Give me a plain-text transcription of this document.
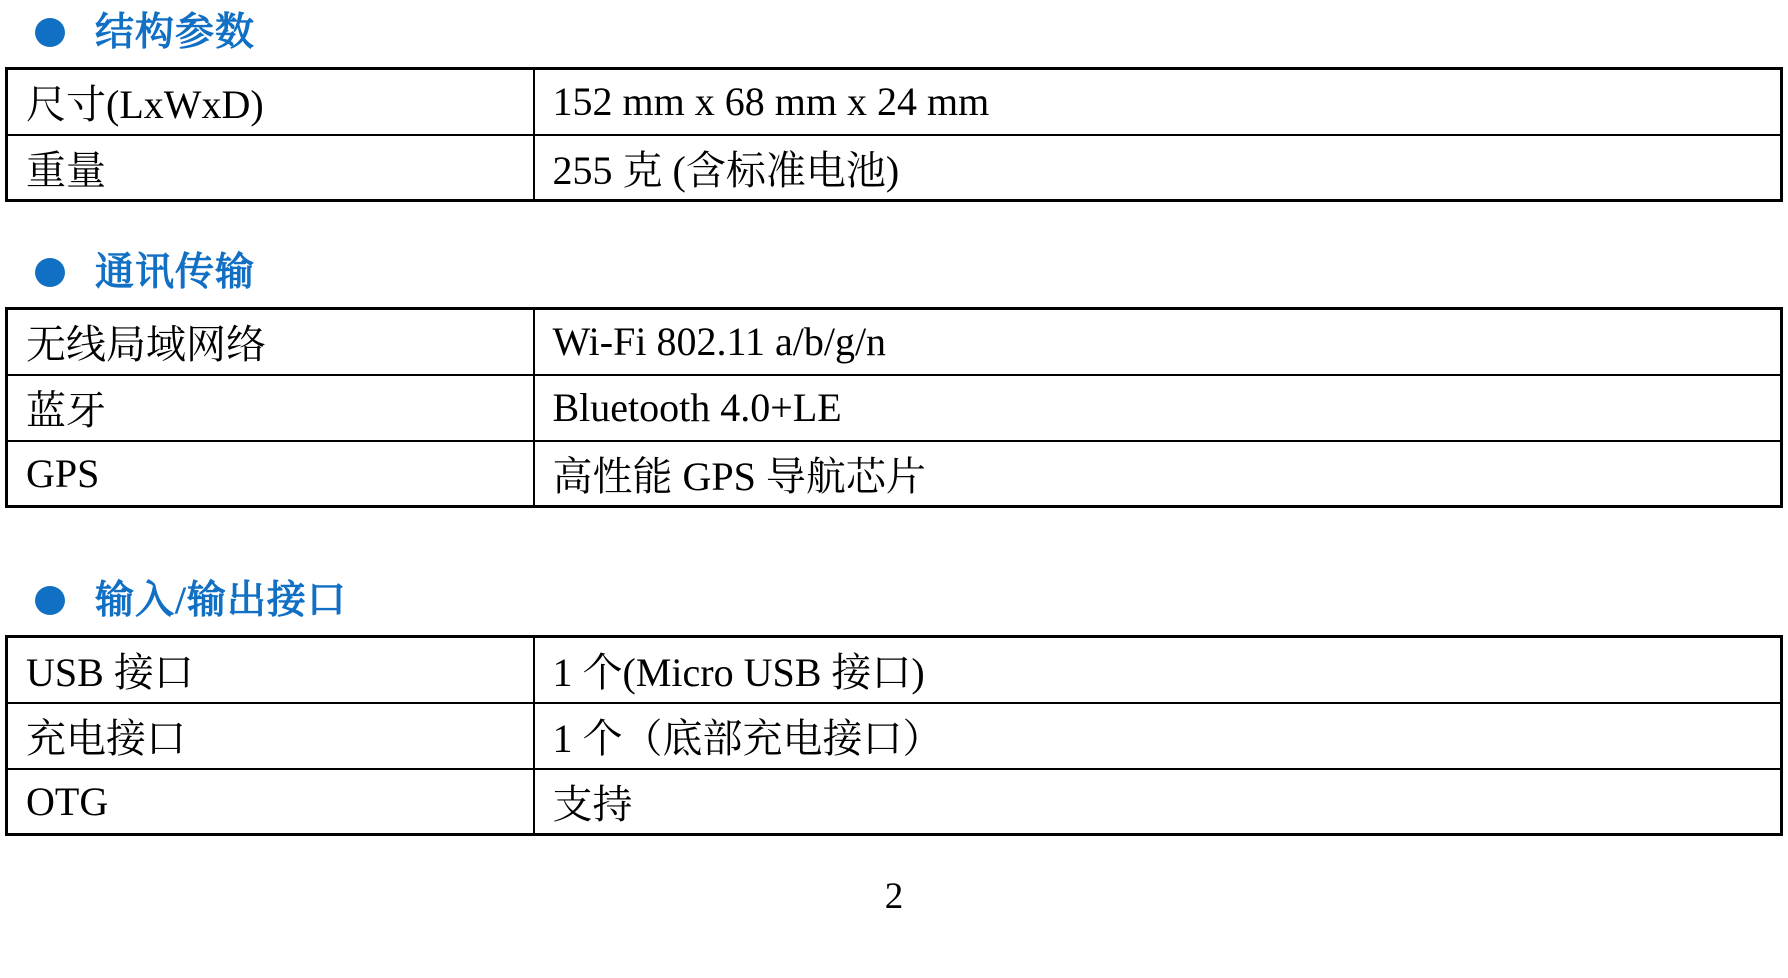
结构参数
尺寸(LxWxD)	152 mm x 68 mm x 24 mm
重量	255 克 (含标准电池)
通讯传输
无线局域网络	Wi-Fi 802.11 a/b/g/n
蓝牙	Bluetooth 4.0+LE
GPS	高性能 GPS 导航芯片
输入/输出接口
USB 接口	1 个(Micro USB 接口)
充电接口	1 个（底部充电接口）
OTG	支持
2
